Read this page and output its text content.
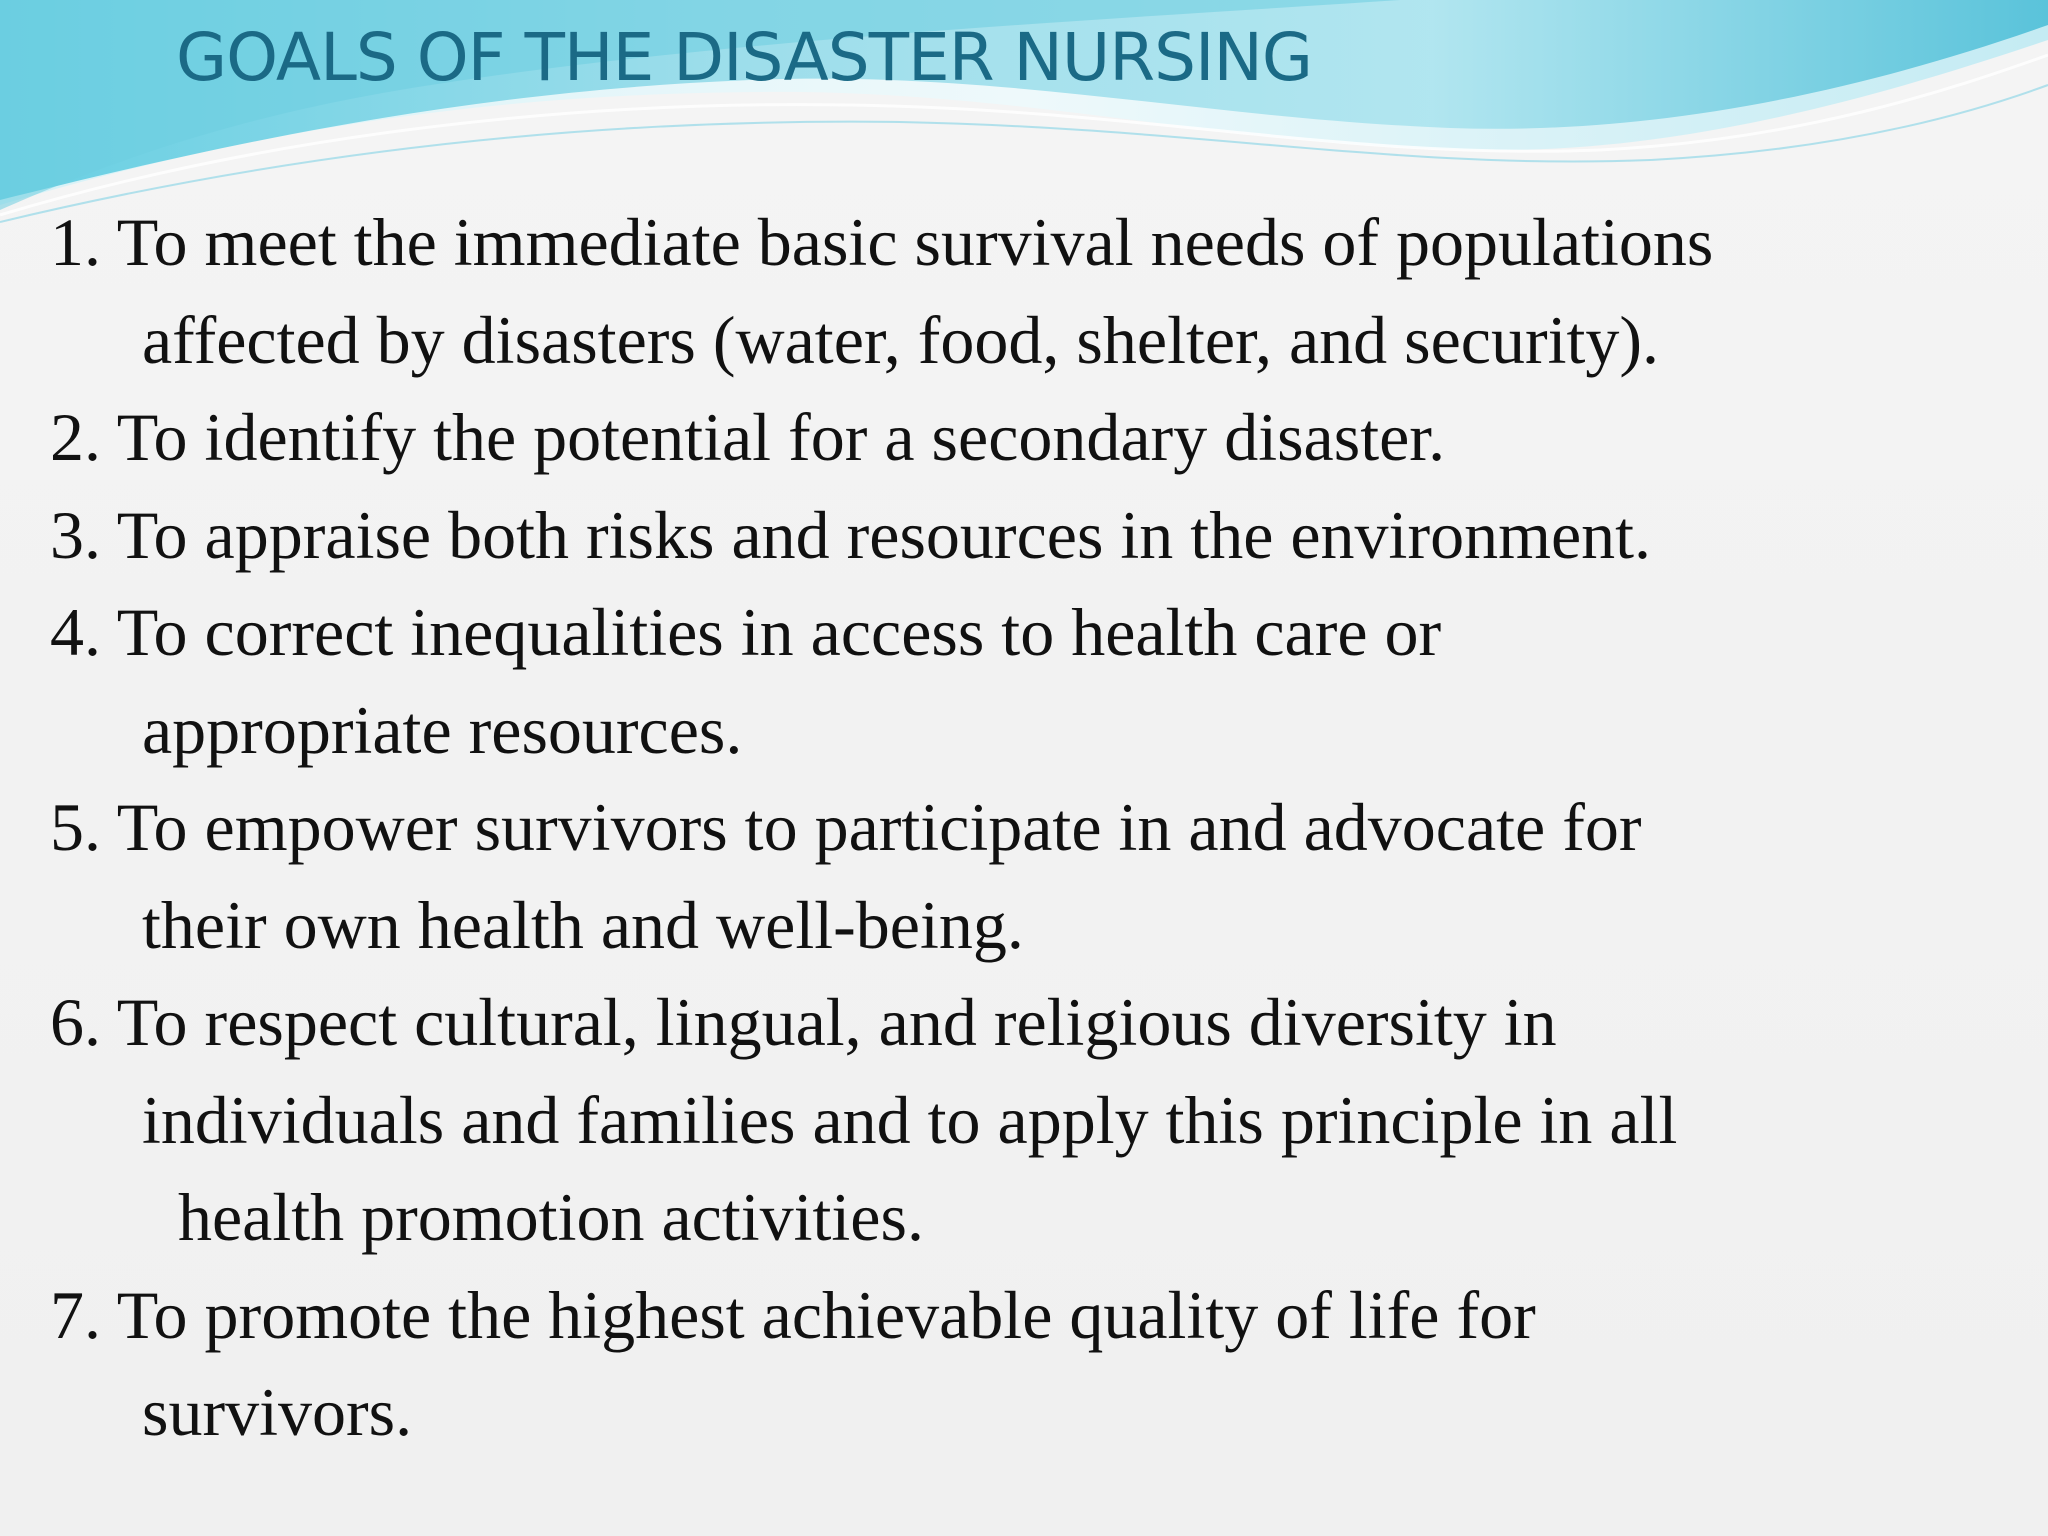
GOALS OF THE DISASTER NURSING
1. To meet the immediate basic survival needs of populations
affected by disasters (water, food, shelter, and security).
2. To identify the potential for a secondary disaster.
3. To appraise both risks and resources in the environment.
4. To correct inequalities in access to health care or
appropriate resources.
5. To empower survivors to participate in and advocate for
their own health and well-being.
6. To respect cultural, lingual, and religious diversity in
individuals and families and to apply this principle in all
health promotion activities.
7. To promote the highest achievable quality of life for
survivors.
